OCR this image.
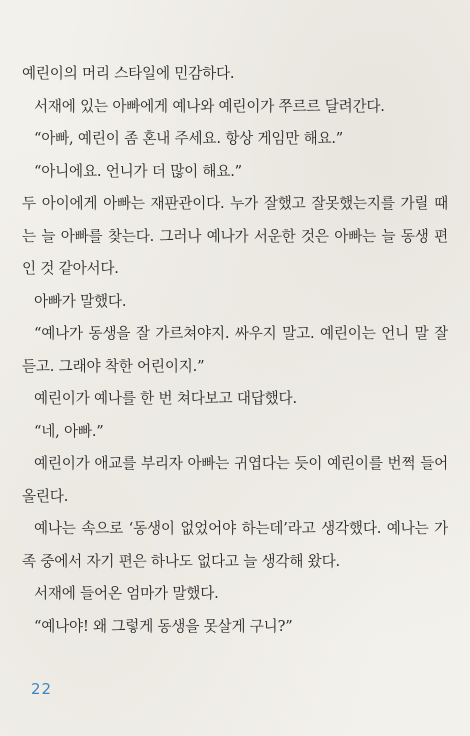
예린이의 머리 스타일에 민감하다.

서재에 있는 아빠에게 예나와 예린이가 쭈르르 달려간다.

“아빠, 예린이 좀 혼내 주세요. 항상 게임만 해요.”

“아니에요. 언니가 더 많이 해요.”

두 아이에게 아빠는 재판관이다. 누가 잘했고 잘못했는지를 가릴 때는 늘 아빠를 찾는다. 그러나 예나가 서운한 것은 아빠는 늘 동생 편인 것 같아서다.

아빠가 말했다.

“예나가 동생을 잘 가르쳐야지. 싸우지 말고. 예린이는 언니 말 잘 듣고. 그래야 착한 어린이지.”

예린이가 예나를 한 번 쳐다보고 대답했다.

“네, 아빠.”

예린이가 애교를 부리자 아빠는 귀엽다는 듯이 예린이를 번쩍 들어 올린다.

예나는 속으로 ‘동생이 없었어야 하는데’라고 생각했다. 예나는 가족 중에서 자기 편은 하나도 없다고 늘 생각해 왔다.

서재에 들어온 엄마가 말했다.

“예나야! 왜 그렇게 동생을 못살게 구니?”

22
